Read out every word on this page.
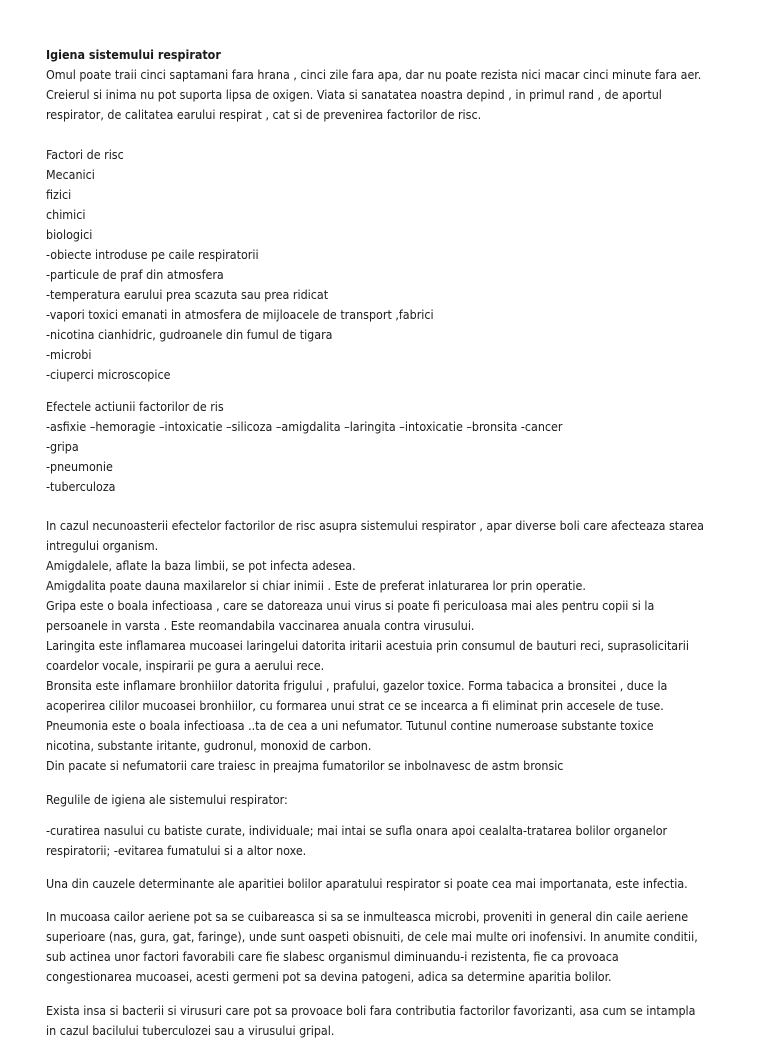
Igiena sistemului respirator
Omul poate traii cinci saptamani fara hrana , cinci zile fara apa, dar nu poate rezista nici macar cinci minute fara aer.
Creierul si inima nu pot suporta lipsa de oxigen. Viata si sanatatea noastra depind , in primul rand , de aportul
respirator, de calitatea earului respirat , cat si de prevenirea factorilor de risc.
Factori de risc
Mecanici
fizici
chimici
biologici
-obiecte introduse pe caile respiratorii
-particule de praf din atmosfera
-temperatura earului prea scazuta sau prea ridicat
-vapori toxici emanati in atmosfera de mijloacele de transport ,fabrici
-nicotina cianhidric, gudroanele din fumul de tigara
-microbi
-ciuperci microscopice
Efectele actiunii factorilor de ris
-asfixie –hemoragie –intoxicatie –silicoza –amigdalita –laringita –intoxicatie –bronsita -cancer
-gripa
-pneumonie
-tuberculoza
In cazul necunoasterii efectelor factorilor de risc asupra sistemului respirator , apar diverse boli care afecteaza starea
intregului organism.
Amigdalele, aflate la baza limbii, se pot infecta adesea.
Amigdalita poate dauna maxilarelor si chiar inimii . Este de preferat inlaturarea lor prin operatie.
Gripa este o boala infectioasa , care se datoreaza unui virus si poate fi periculoasa mai ales pentru copii si la
persoanele in varsta . Este reomandabila vaccinarea anuala contra virusului.
Laringita este inflamarea mucoasei laringelui datorita iritarii acestuia prin consumul de bauturi reci, suprasolicitarii
coardelor vocale, inspirarii pe gura a aerului rece.
Bronsita este inflamare bronhiilor datorita frigului , prafului, gazelor toxice. Forma tabacica a bronsitei , duce la
acoperirea cililor mucoasei bronhiilor, cu formarea unui strat ce se incearca a fi eliminat prin accesele de tuse.
Pneumonia este o boala infectioasa ..ta de cea a uni nefumator. Tutunul contine numeroase substante toxice
nicotina, substante iritante, gudronul, monoxid de carbon.
Din pacate si nefumatorii care traiesc in preajma fumatorilor se inbolnavesc de astm bronsic
Regulile de igiena ale sistemului respirator:
-curatirea nasului cu batiste curate, individuale; mai intai se sufla onara apoi cealalta-tratarea bolilor organelor
respiratorii; -evitarea fumatului si a altor noxe.
Una din cauzele determinante ale aparitiei bolilor aparatului respirator si poate cea mai importanata, este infectia.
In mucoasa cailor aeriene pot sa se cuibareasca si sa se inmulteasca microbi, proveniti in general din caile aeriene
superioare (nas, gura, gat, faringe), unde sunt oaspeti obisnuiti, de cele mai multe ori inofensivi. In anumite conditii,
sub actinea unor factori favorabili care fie slabesc organismul diminuandu-i rezistenta, fie ca provoaca
congestionarea mucoasei, acesti germeni pot sa devina patogeni, adica sa determine aparitia bolilor.
Exista insa si bacterii si virusuri care pot sa provoace boli fara contributia factorilor favorizanti, asa cum se intampla
in cazul bacilului tuberculozei sau a virusului gripal.
